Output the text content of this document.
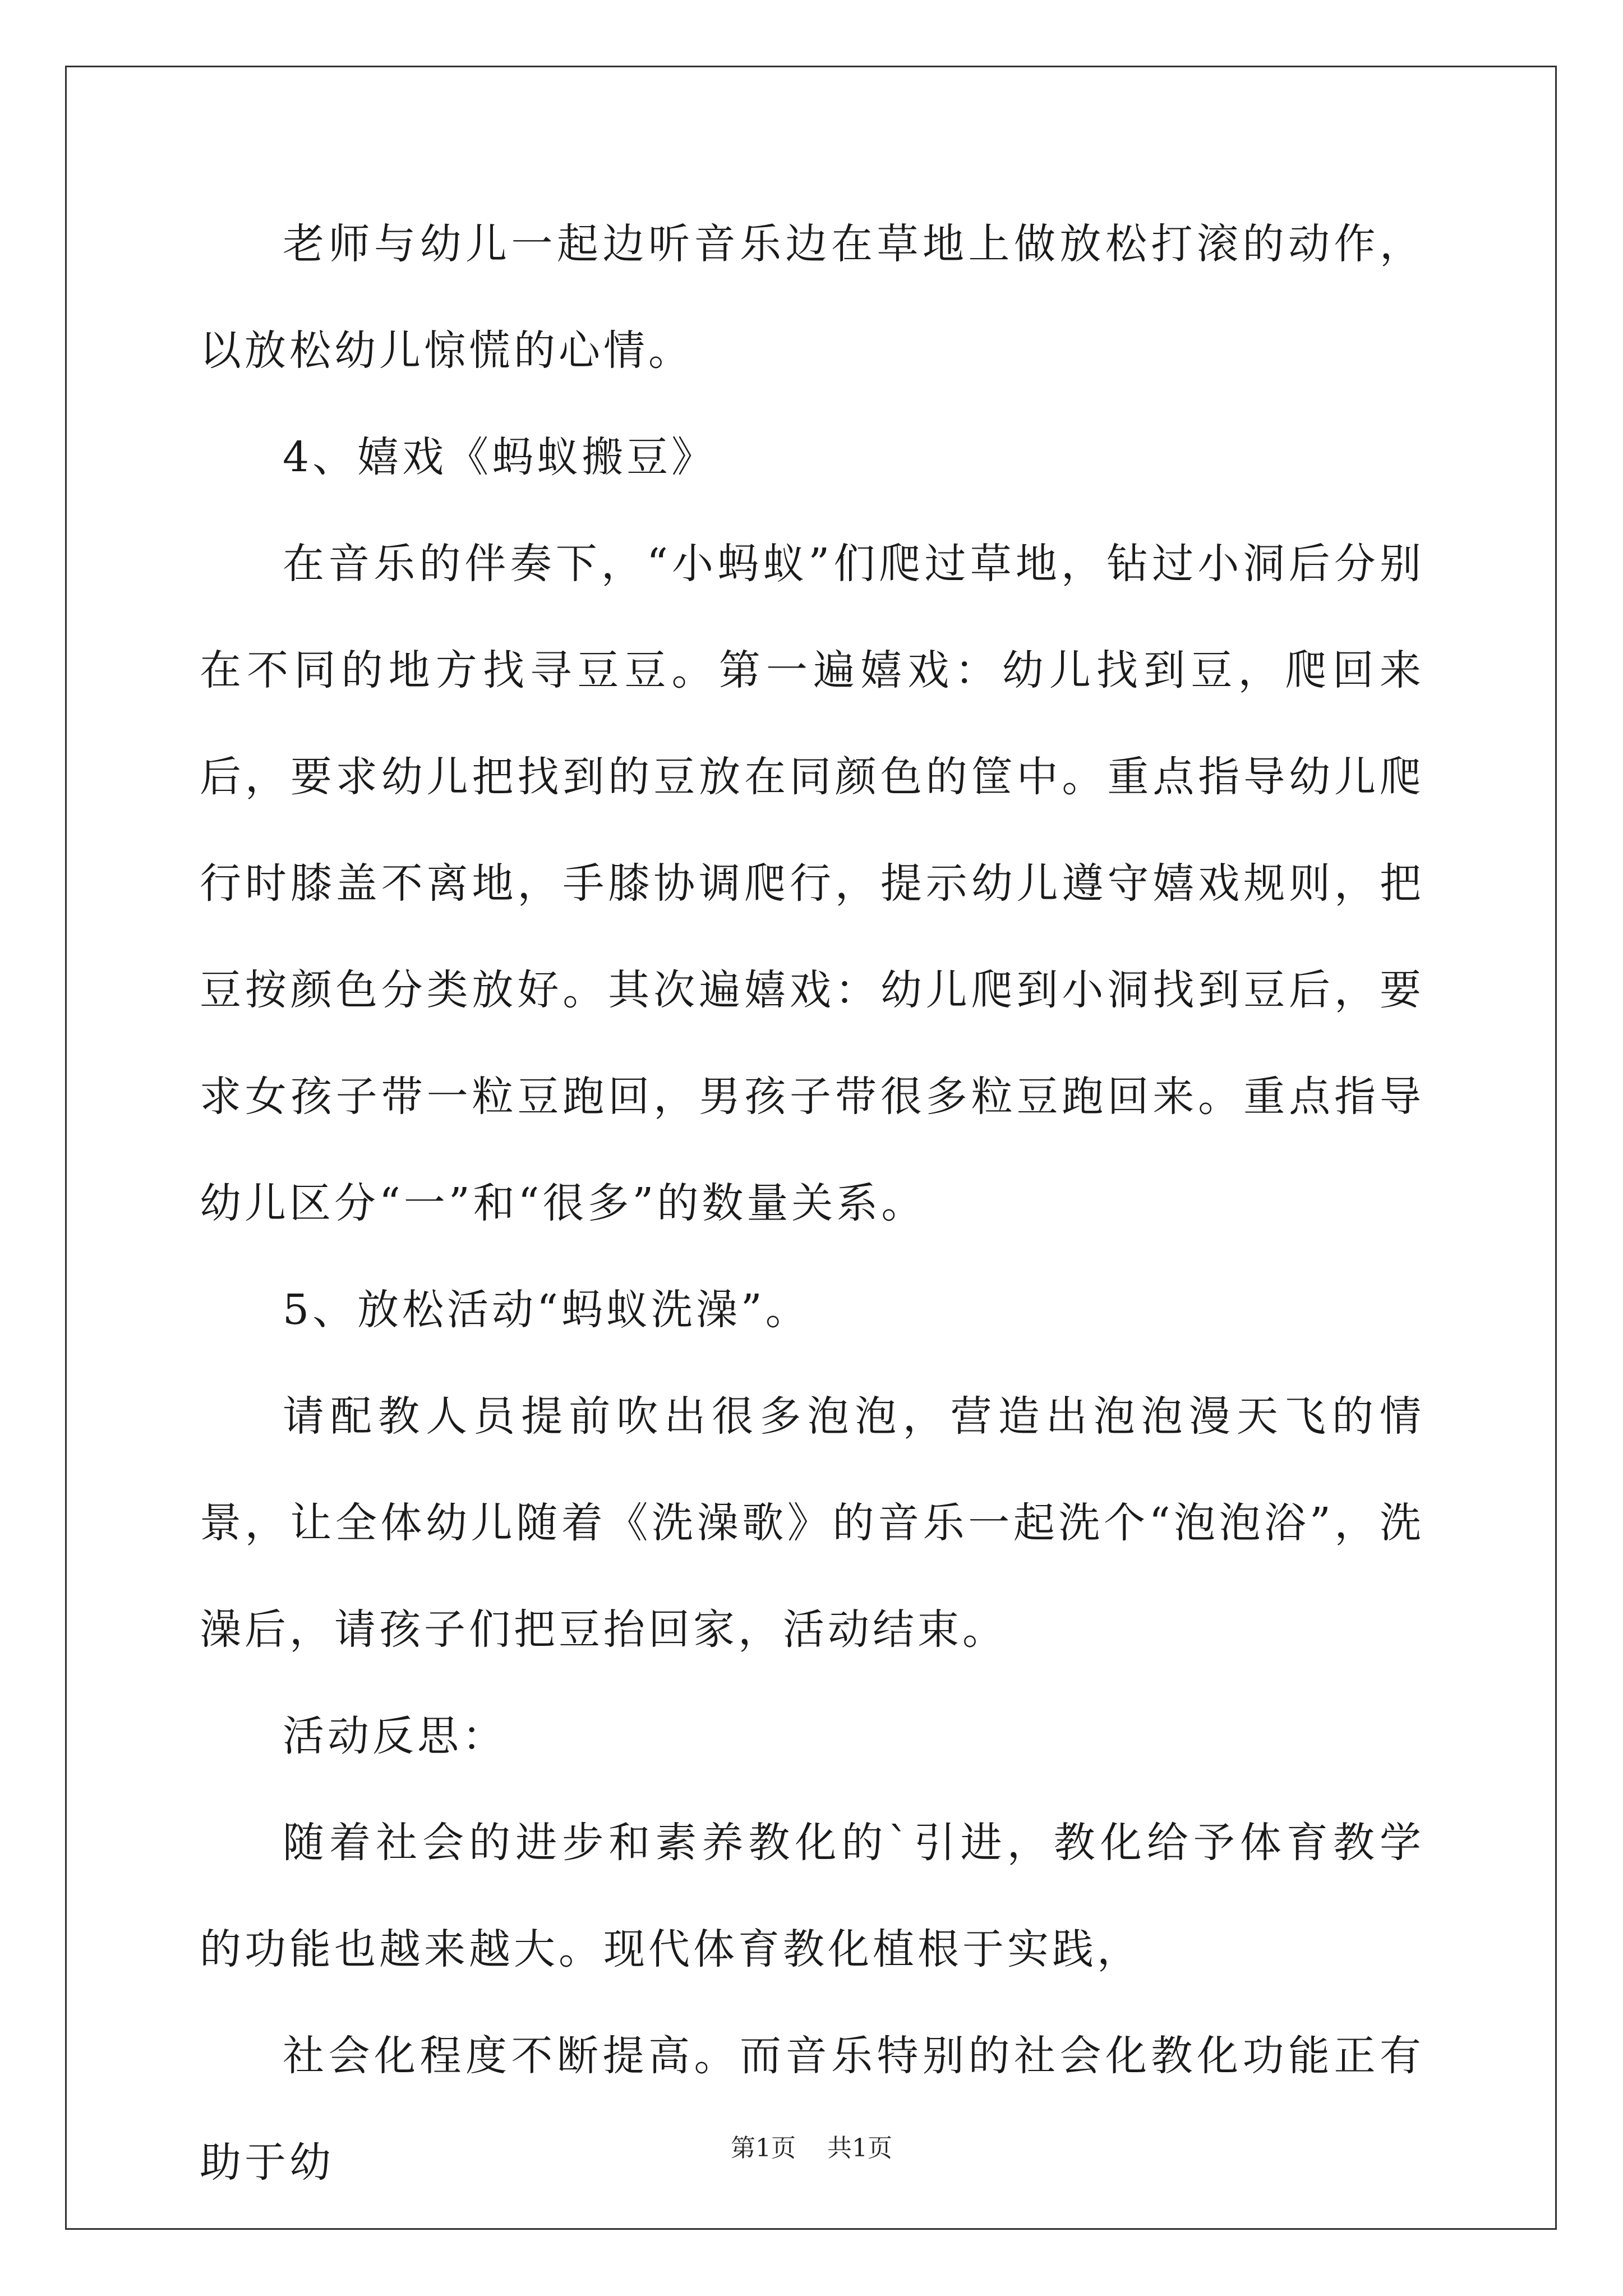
老师与幼儿一起边听音乐边在草地上做放松打滚的动作，以放松幼儿惊慌的心情。

4、嬉戏《蚂蚁搬豆》

在音乐的伴奏下，“小蚂蚁”们爬过草地，钻过小洞后分别在不同的地方找寻豆豆。第一遍嬉戏：幼儿找到豆，爬回来后，要求幼儿把找到的豆放在同颜色的筐中。重点指导幼儿爬行时膝盖不离地，手膝协调爬行，提示幼儿遵守嬉戏规则，把豆按颜色分类放好。其次遍嬉戏：幼儿爬到小洞找到豆后，要求女孩子带一粒豆跑回，男孩子带很多粒豆跑回来。重点指导幼儿区分“一”和“很多”的数量关系。

5、放松活动“蚂蚁洗澡”。

请配教人员提前吹出很多泡泡，营造出泡泡漫天飞的情景，让全体幼儿随着《洗澡歌》的音乐一起洗个“泡泡浴”，洗澡后，请孩子们把豆抬回家，活动结束。

活动反思：

随着社会的进步和素养教化的`引进，教化给予体育教学的功能也越来越大。现代体育教化植根于实践，

社会化程度不断提高。而音乐特别的社会化教化功能正有助于幼	第1页 共1页
